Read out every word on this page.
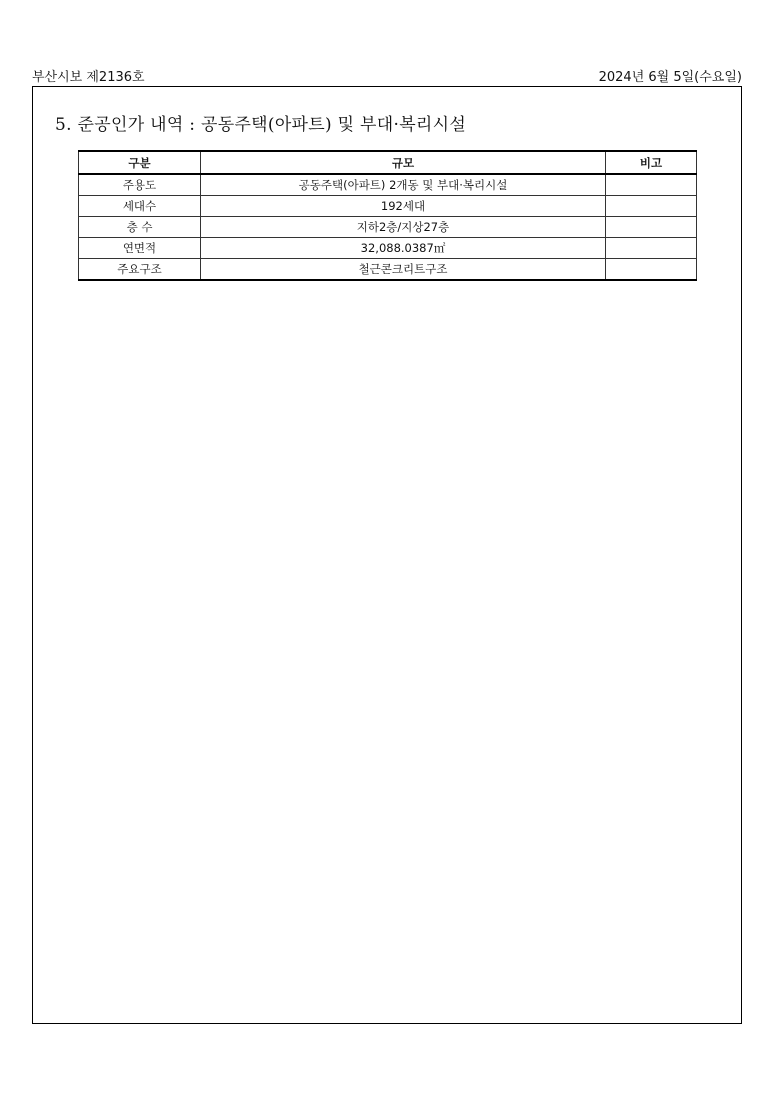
부산시보 제2136호	2024년 6월 5일(수요일)
5. 준공인가 내역 : 공동주택(아파트) 및 부대·복리시설
구분	규모	비고
주용도	공동주택(아파트) 2개동 및 부대·복리시설	
세대수	192세대	
층 수	지하2층/지상27층	
연면적	32,088.0387㎡	
주요구조	철근콘크리트구조	
